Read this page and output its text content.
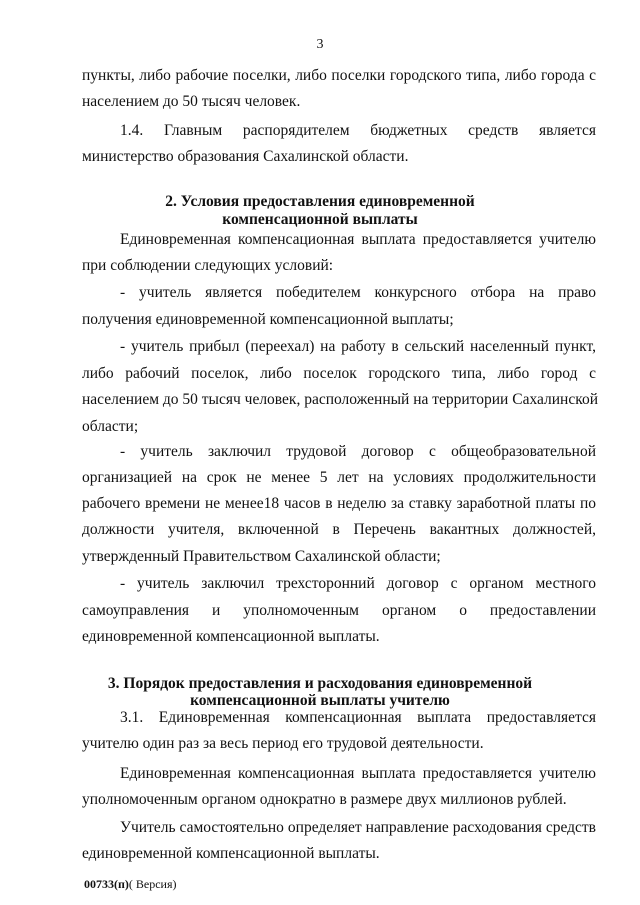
3
пункты, либо рабочие поселки, либо поселки городского типа, либо города с
населением до 50 тысяч человек.
1.4. Главным распорядителем бюджетных средств является
министерство образования Сахалинской области.
2. Условия предоставления единовременной
компенсационной выплаты
Единовременная компенсационная выплата предоставляется учителю
при соблюдении следующих условий:
- учитель является победителем конкурсного отбора на право
получения единовременной компенсационной выплаты;
- учитель прибыл (переехал) на работу в сельский населенный пункт,
либо рабочий поселок, либо поселок городского типа, либо город с
населением до 50 тысяч человек, расположенный на территории Сахалинской
области;
- учитель заключил трудовой договор с общеобразовательной
организацией на срок не менее 5 лет на условиях продолжительности
рабочего времени не менее18 часов в неделю за ставку заработной платы по
должности учителя, включенной в Перечень вакантных должностей,
утвержденный Правительством Сахалинской области;
- учитель заключил трехсторонний договор с органом местного
самоуправления и уполномоченным органом о предоставлении
единовременной компенсационной выплаты.
3. Порядок предоставления и расходования единовременной
компенсационной выплаты учителю
3.1. Единовременная компенсационная выплата предоставляется
учителю один раз за весь период его трудовой деятельности.
Единовременная компенсационная выплата предоставляется учителю
уполномоченным органом однократно в размере двух миллионов рублей.
Учитель самостоятельно определяет направление расходования средств
единовременной компенсационной выплаты.
00733(п)( Версия)
